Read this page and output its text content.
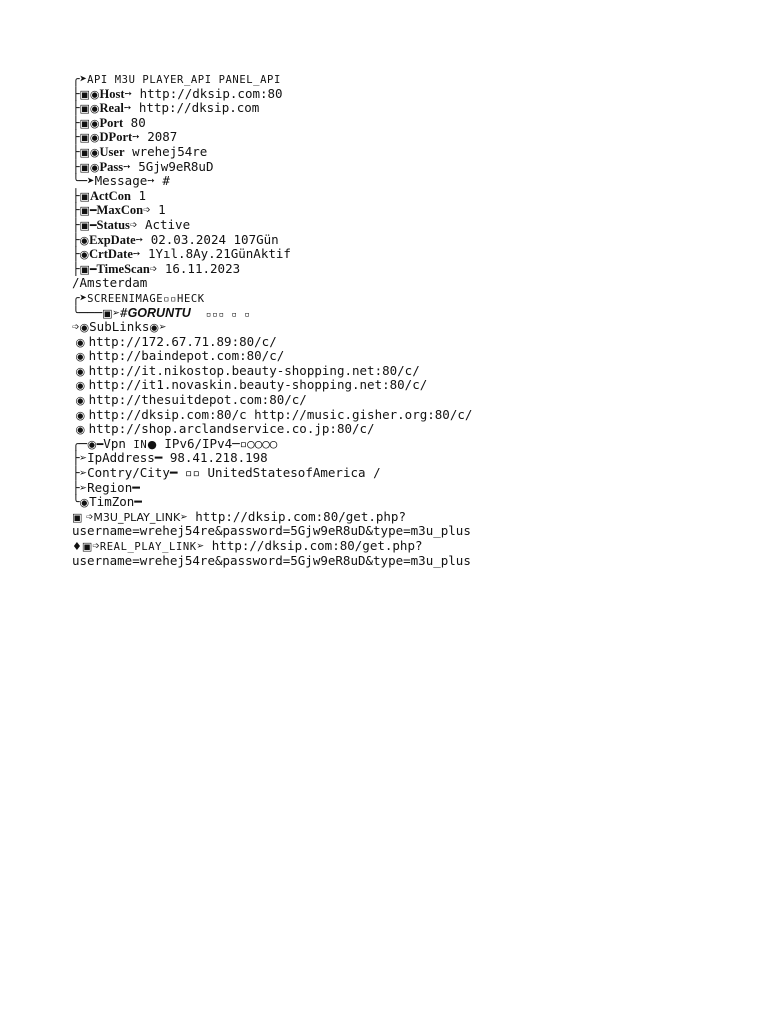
╭➤API M3U PLAYER_API PANEL_API
├▣◉Host➙ http://dksip.com:80
├▣◉Real➙ http://dksip.com
├▣◉Port 80
├▣◉DPort➙ 2087
├▣◉User wrehej54re
├▣◉Pass➙ 5Gjw9eR8uD
╰─➤Message➙ #
├▣ActCon 1
├▣━MaxCon➩ 1
├▣━Status➩ Active
├◉ExpDate➙ 02.03.2024 107Gün
├◉CrtDate➙ 1Yıl.8Ay.21GünAktif
├▣━TimeScan➩ 16.11.2023
/Amsterdam
╭➤SCREENIMAGE▫▫HECK
╰───▣➢#GORUNTU ▫▫▫ ▫ ▫
➩◉SubLinks◉➢
◉ http://172.67.71.89:80/c/
◉ http://baindepot.com:80/c/
◉ http://it.nikostop.beauty-shopping.net:80/c/
◉ http://it1.novaskin.beauty-shopping.net:80/c/
◉ http://thesuitdepot.com:80/c/
◉ http://dksip.com:80/c http://music.gisher.org:80/c/
◉ http://shop.arclandservice.co.jp:80/c/
╭─◉━Vpn IN● IPv6/IPv4─▫○○○○
├➢IpAddress━ 98.41.218.198
├➢Contry/City━ ▫▫ UnitedStatesofAmerica /
├➢Region━
╰◉TimZon━
▣ ➩M3U_PLAY_LINK➢ http://dksip.com:80/get.php?
username=wrehej54re&password=5Gjw9eR8uD&type=m3u_plus
♦▣➩REAL_PLAY_LINK➢ http://dksip.com:80/get.php?
username=wrehej54re&password=5Gjw9eR8uD&type=m3u_plus
